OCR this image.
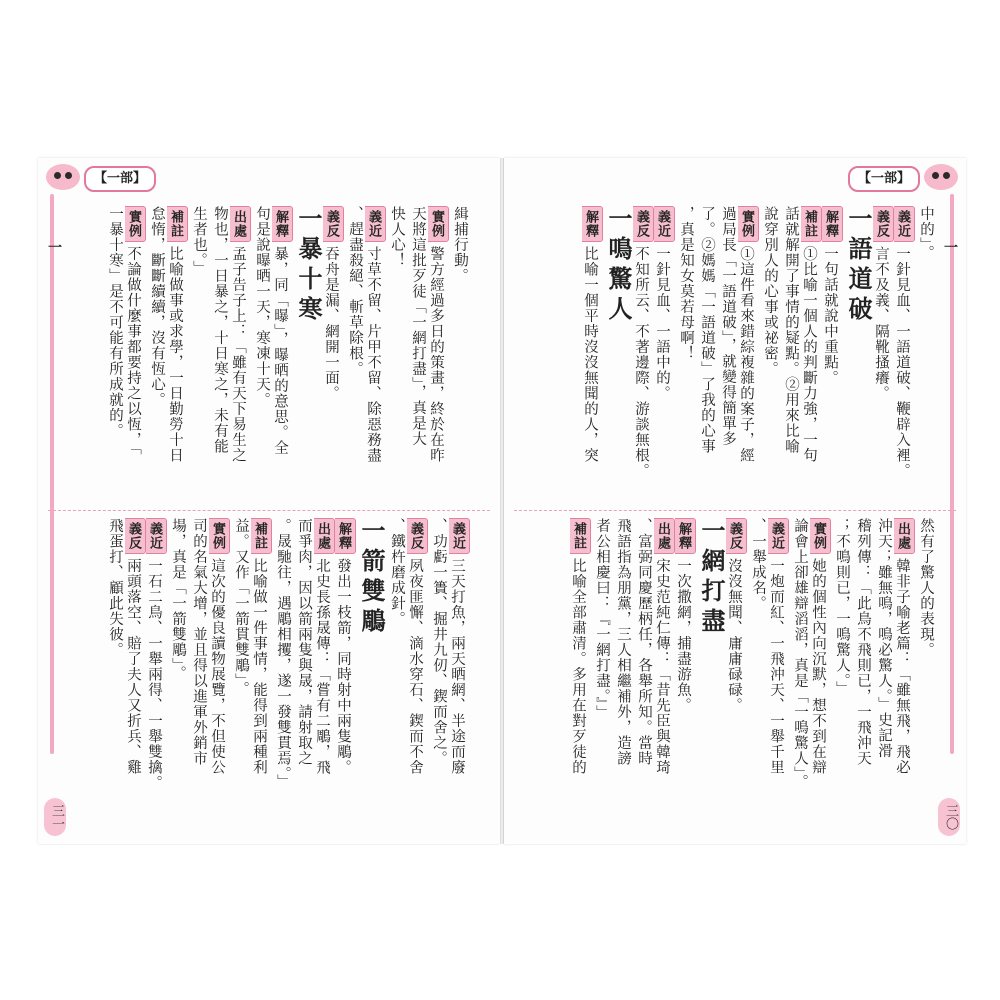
【一部】
一
三一
緝捕行動。
實例警方經過多日的策畫，終於在昨
天將這批歹徒「一網打盡」，真是大
快人心！
義近寸草不留、片甲不留、除惡務盡
、趕盡殺絕、斬草除根。
義反吞舟是漏、網開一面。
一暴十寒
解釋暴，同「曝」，曝晒的意思。全
句是說曝晒一天，寒凍十天。
出處孟子告子上：「雖有天下易生之
物也，一日暴之，十日寒之，未有能
生者也。」
補註比喻做事或求學，一日勤勞十日
怠惰，斷斷續續，沒有恆心。
實例不論做什麼事都要持之以恆，「
一暴十寒」是不可能有所成就的。
義近三天打魚，兩天晒網、半途而廢
、功虧一簣、掘井九仞、鍥而舍之。
義反夙夜匪懈、滴水穿石、鍥而不舍
、鐵杵磨成針。
一箭雙鵰
解釋發出一枝箭，同時射中兩隻鵰。
出處北史長孫晟傳：「嘗有二鵰，飛
而爭肉，因以箭兩隻與晟，請射取之
。晟馳往，遇鵰相攫，遂一發雙貫焉。」
補註比喻做一件事情，能得到兩種利
益。又作「一箭貫雙鵰」。
實例這次的優良讀物展覽，不但使公
司的名氣大增，並且得以進軍外銷市
場，真是「一箭雙鵰」。
義近一石二鳥、一舉兩得、一舉雙擒。
義反兩頭落空、賠了夫人又折兵、雞
飛蛋打、顧此失彼。
【一部】
一
三〇
中的」。
義近一針見血、一語道破、鞭辟入裡。
義反言不及義、隔靴搔癢。
一語道破
解釋一句話就說中重點。
補註①比喻一個人的判斷力強，一句
話就解開了事情的疑點。②用來比喻
說穿別人的心事或祕密。
實例①這件看來錯綜複雜的案子，經
過局長「一語道破」，就變得簡單多
了。②媽媽「一語道破」了我的心事
，真是知女莫若母啊！
義近一針見血、一語中的。
義反不知所云、不著邊際、游談無根。
一鳴驚人
解釋比喻一個平時沒沒無聞的人，突
然有了驚人的表現。
出處韓非子喻老篇：「雖無飛，飛必
沖天；雖無鳴，鳴必驚人。」史記滑
稽列傳：「此鳥不飛則已，一飛沖天
；不鳴則已，一鳴驚人。」
實例她的個性內向沉默，想不到在辯
論會上卻雄辯滔滔，真是「一鳴驚人」。
義近一炮而紅、一飛沖天、一舉千里
、一舉成名。
義反沒沒無聞、庸庸碌碌。
一網打盡
解釋一次撒網，捕盡游魚。
出處宋史范純仁傳：「昔先臣與韓琦
、富弼同慶歷柄任，各舉所知。當時
飛語指為朋黨，三人相繼補外，造謗
者公相慶曰：『一網打盡。』」
補註比喻全部肅清。多用在對歹徒的
